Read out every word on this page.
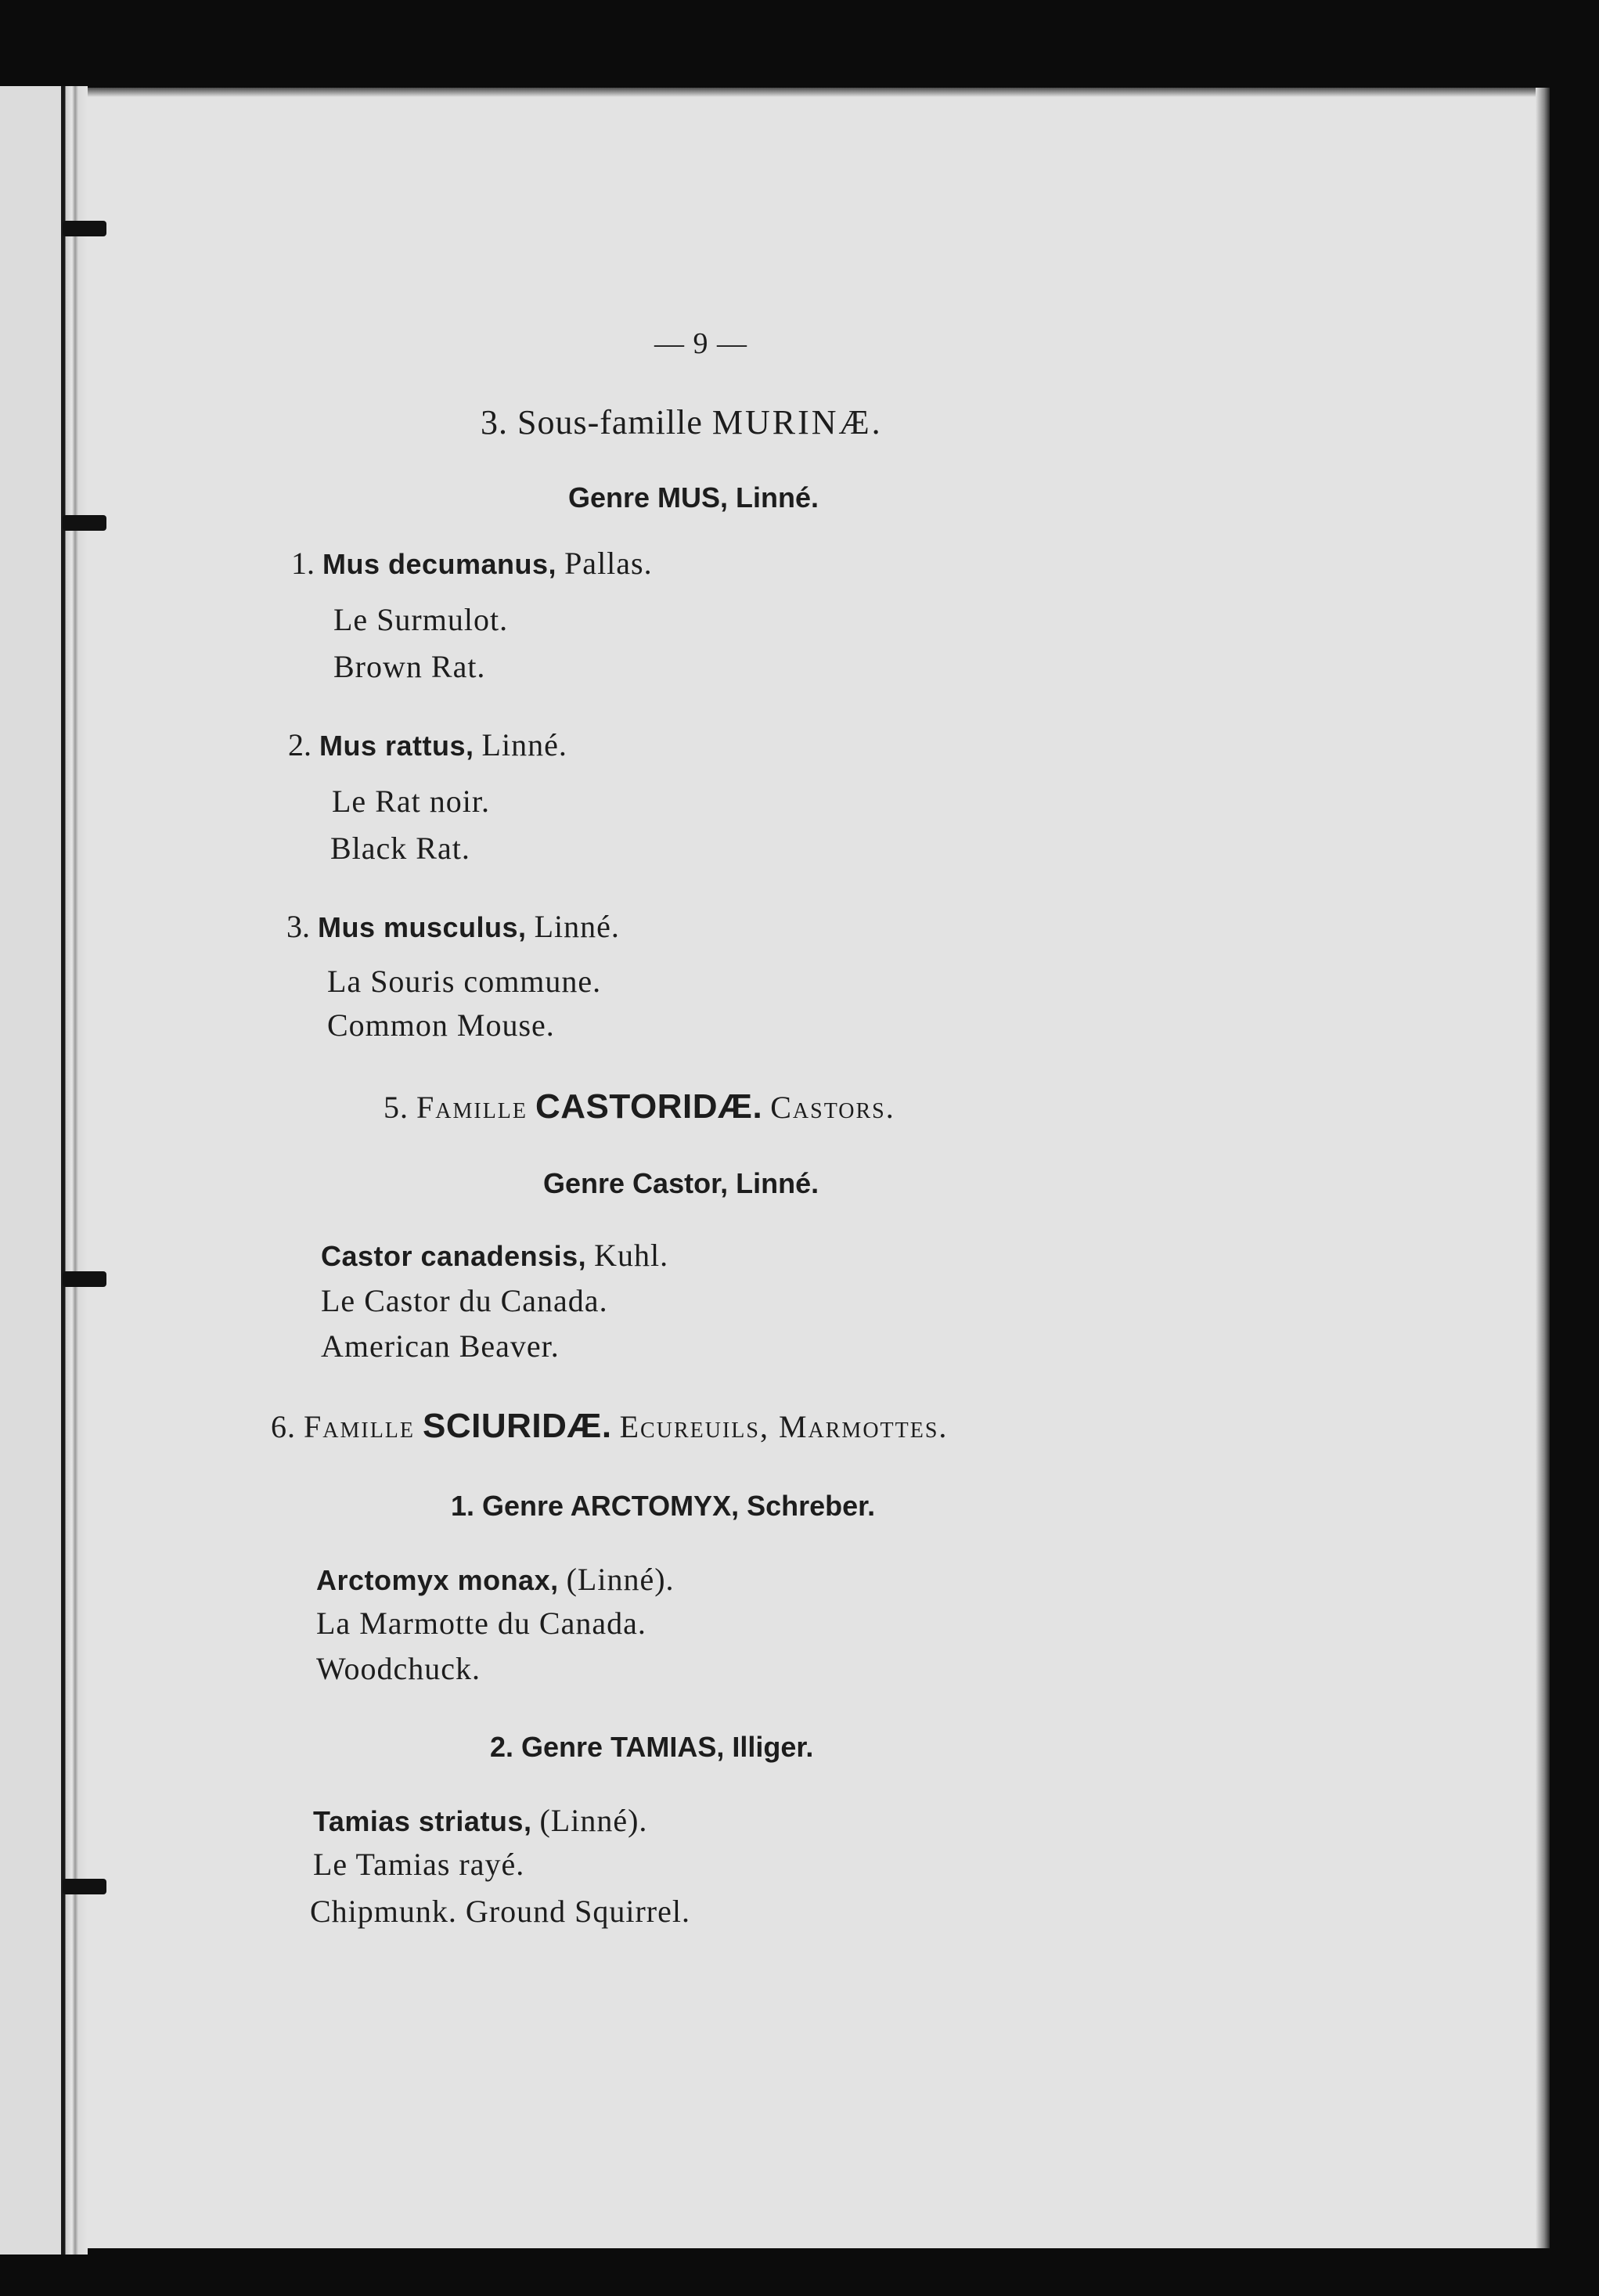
— 9 —
3. Sous-famille MURINÆ.
Genre MUS, Linné.
1. Mus decumanus, Pallas.
Le Surmulot.
Brown Rat.
2. Mus rattus, Linné.
Le Rat noir.
Black Rat.
3. Mus musculus, Linné.
La Souris commune.
Common Mouse.
5. Famille CASTORIDÆ. Castors.
Genre Castor, Linné.
Castor canadensis, Kuhl.
Le Castor du Canada.
American Beaver.
6. Famille SCIURIDÆ. Ecureuils, Marmottes.
1. Genre ARCTOMYX, Schreber.
Arctomyx monax, (Linné).
La Marmotte du Canada.
Woodchuck.
2. Genre TAMIAS, Illiger.
Tamias striatus, (Linné).
Le Tamias rayé.
Chipmunk. Ground Squirrel.
